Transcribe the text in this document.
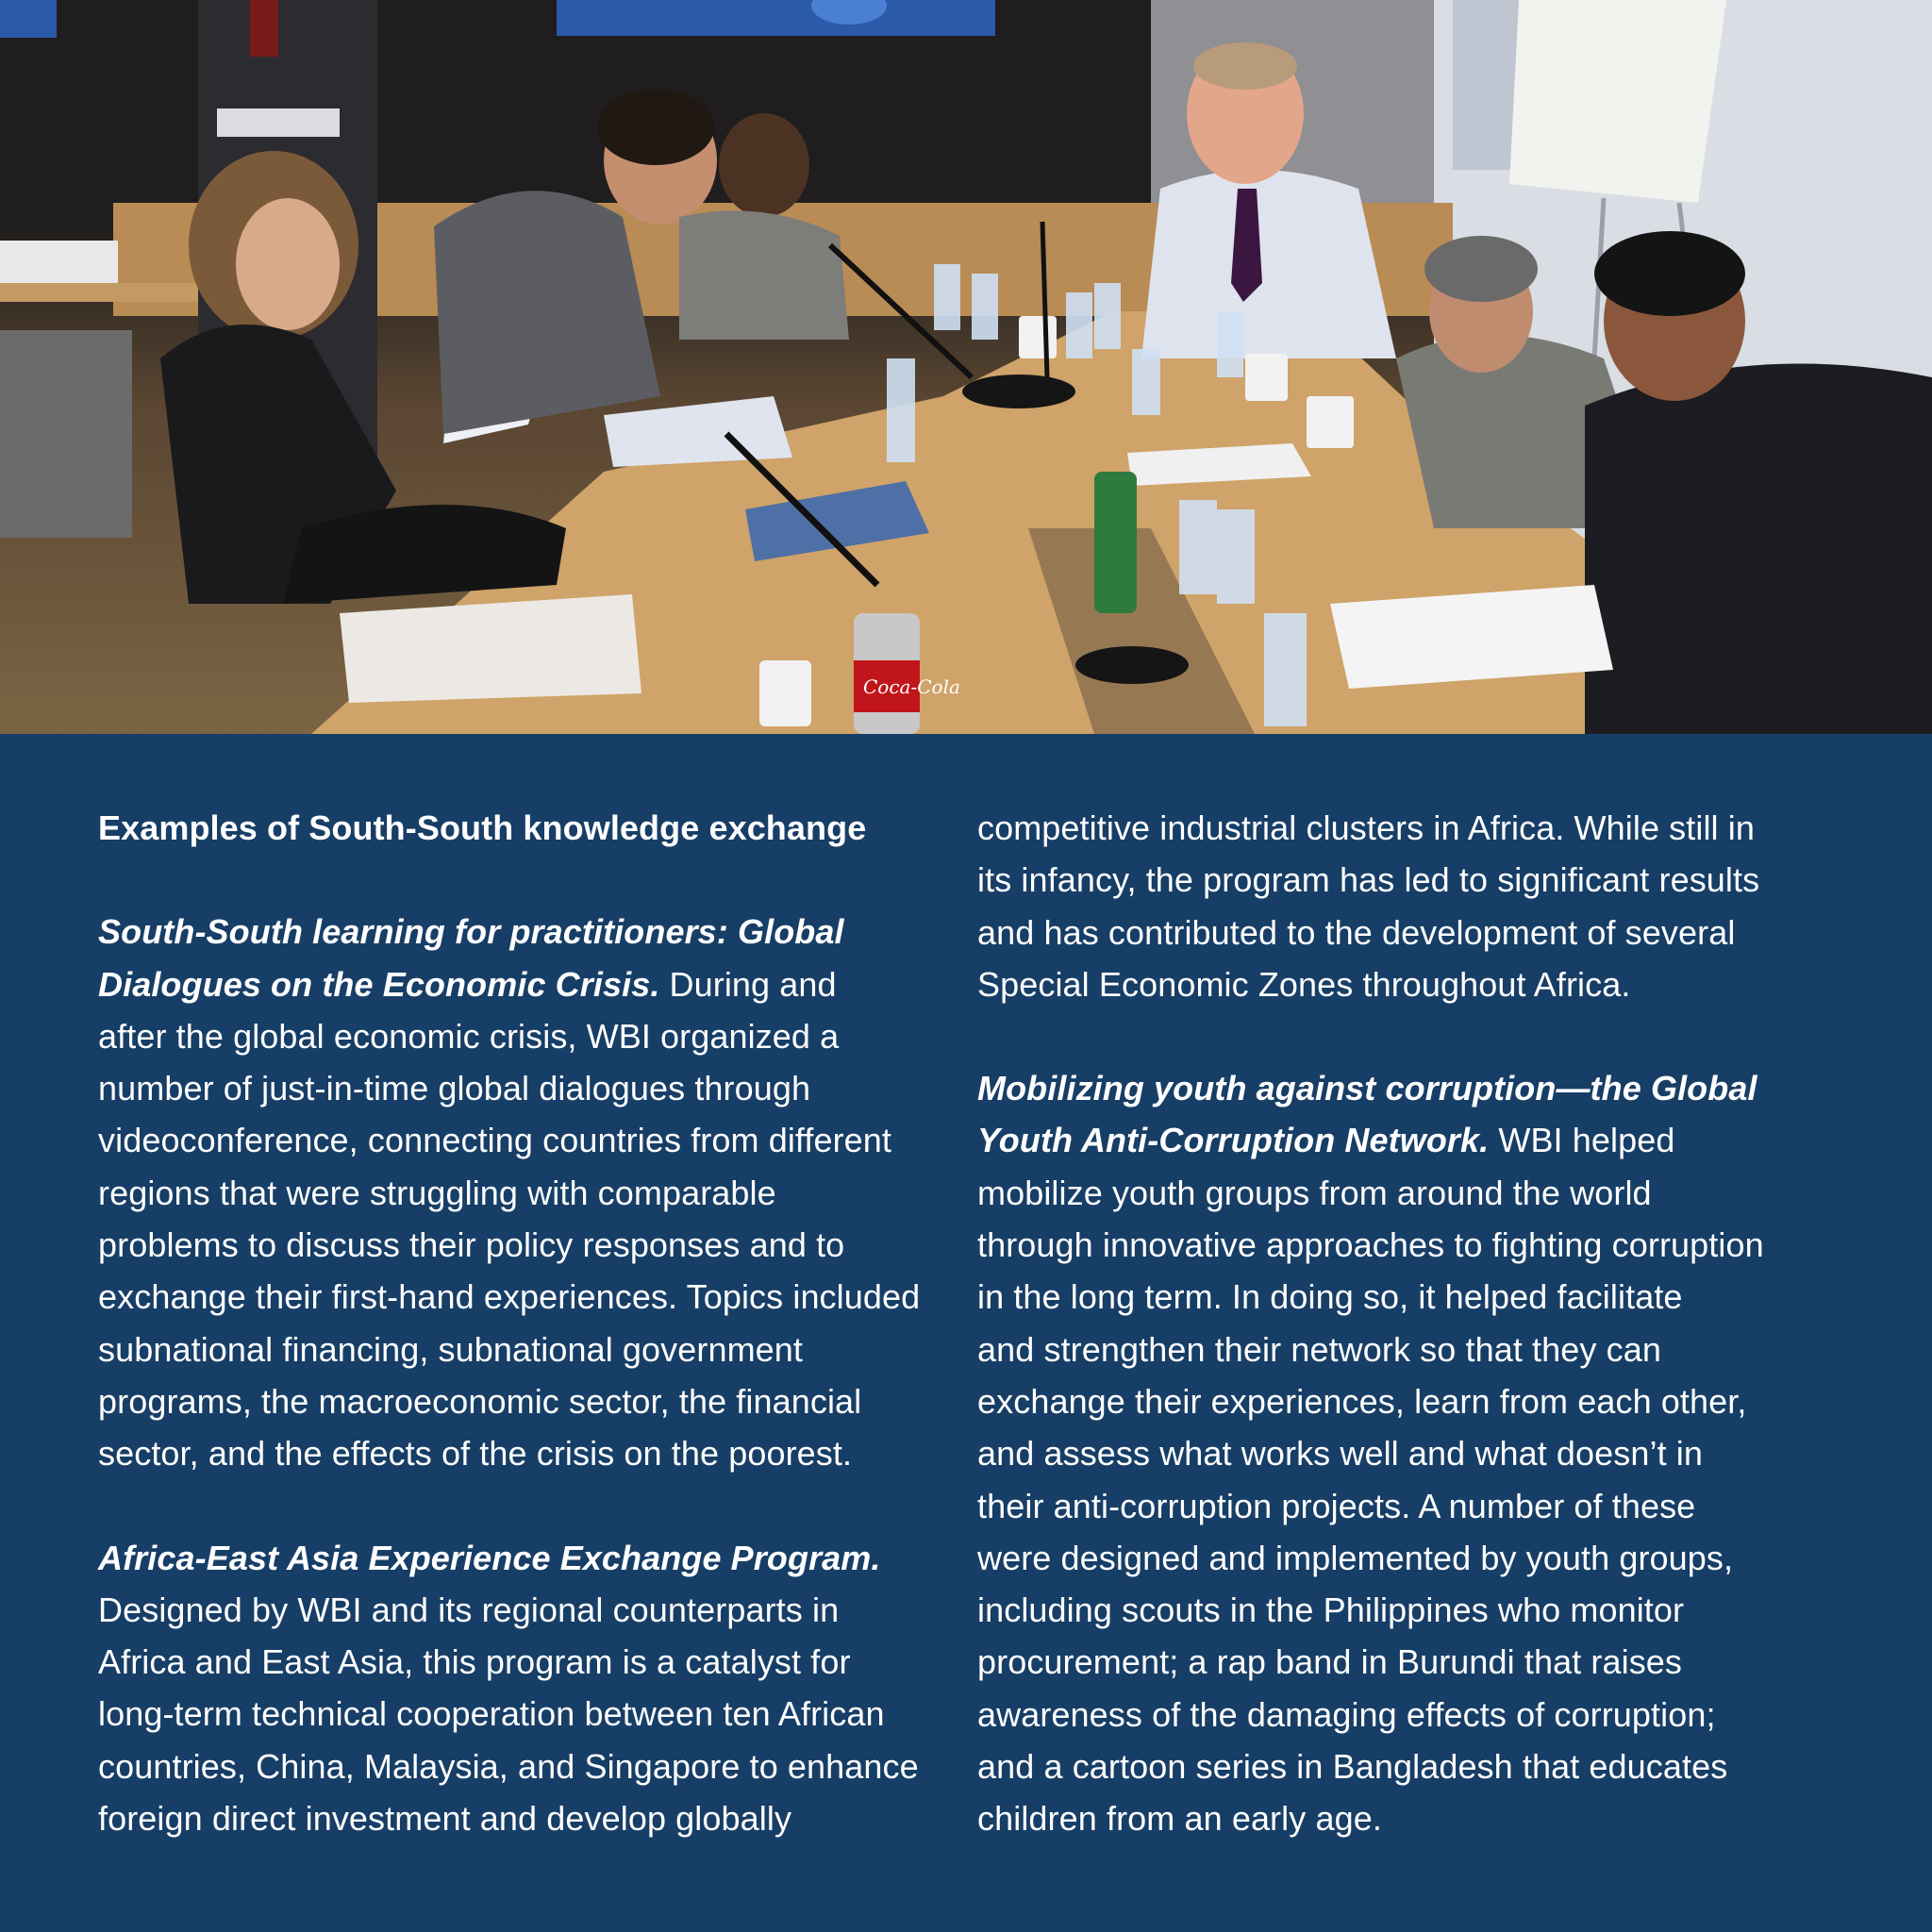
Coca-Cola
Examples of South-South knowledge exchange
South-South learning for practitioners: Global
Dialogues on the Economic Crisis. During and
after the global economic crisis, WBI organized a
number of just-in-time global dialogues through
videoconference, connecting countries from different
regions that were struggling with comparable
problems to discuss their policy responses and to
exchange their first-hand experiences. Topics included
subnational financing, subnational government
programs, the macroeconomic sector, the financial
sector, and the effects of the crisis on the poorest.
Africa-East Asia Experience Exchange Program.
Designed by WBI and its regional counterparts in
Africa and East Asia, this program is a catalyst for
long-term technical cooperation between ten African
countries, China, Malaysia, and Singapore to enhance
foreign direct investment and develop globally
competitive industrial clusters in Africa. While still in
its infancy, the program has led to significant results
and has contributed to the development of several
Special Economic Zones throughout Africa.
Mobilizing youth against corruption—the Global
Youth Anti-Corruption Network. WBI helped
mobilize youth groups from around the world
through innovative approaches to fighting corruption
in the long term. In doing so, it helped facilitate
and strengthen their network so that they can
exchange their experiences, learn from each other,
and assess what works well and what doesn’t in
their anti-corruption projects. A number of these
were designed and implemented by youth groups,
including scouts in the Philippines who monitor
procurement; a rap band in Burundi that raises
awareness of the damaging effects of corruption;
and a cartoon series in Bangladesh that educates
children from an early age.
